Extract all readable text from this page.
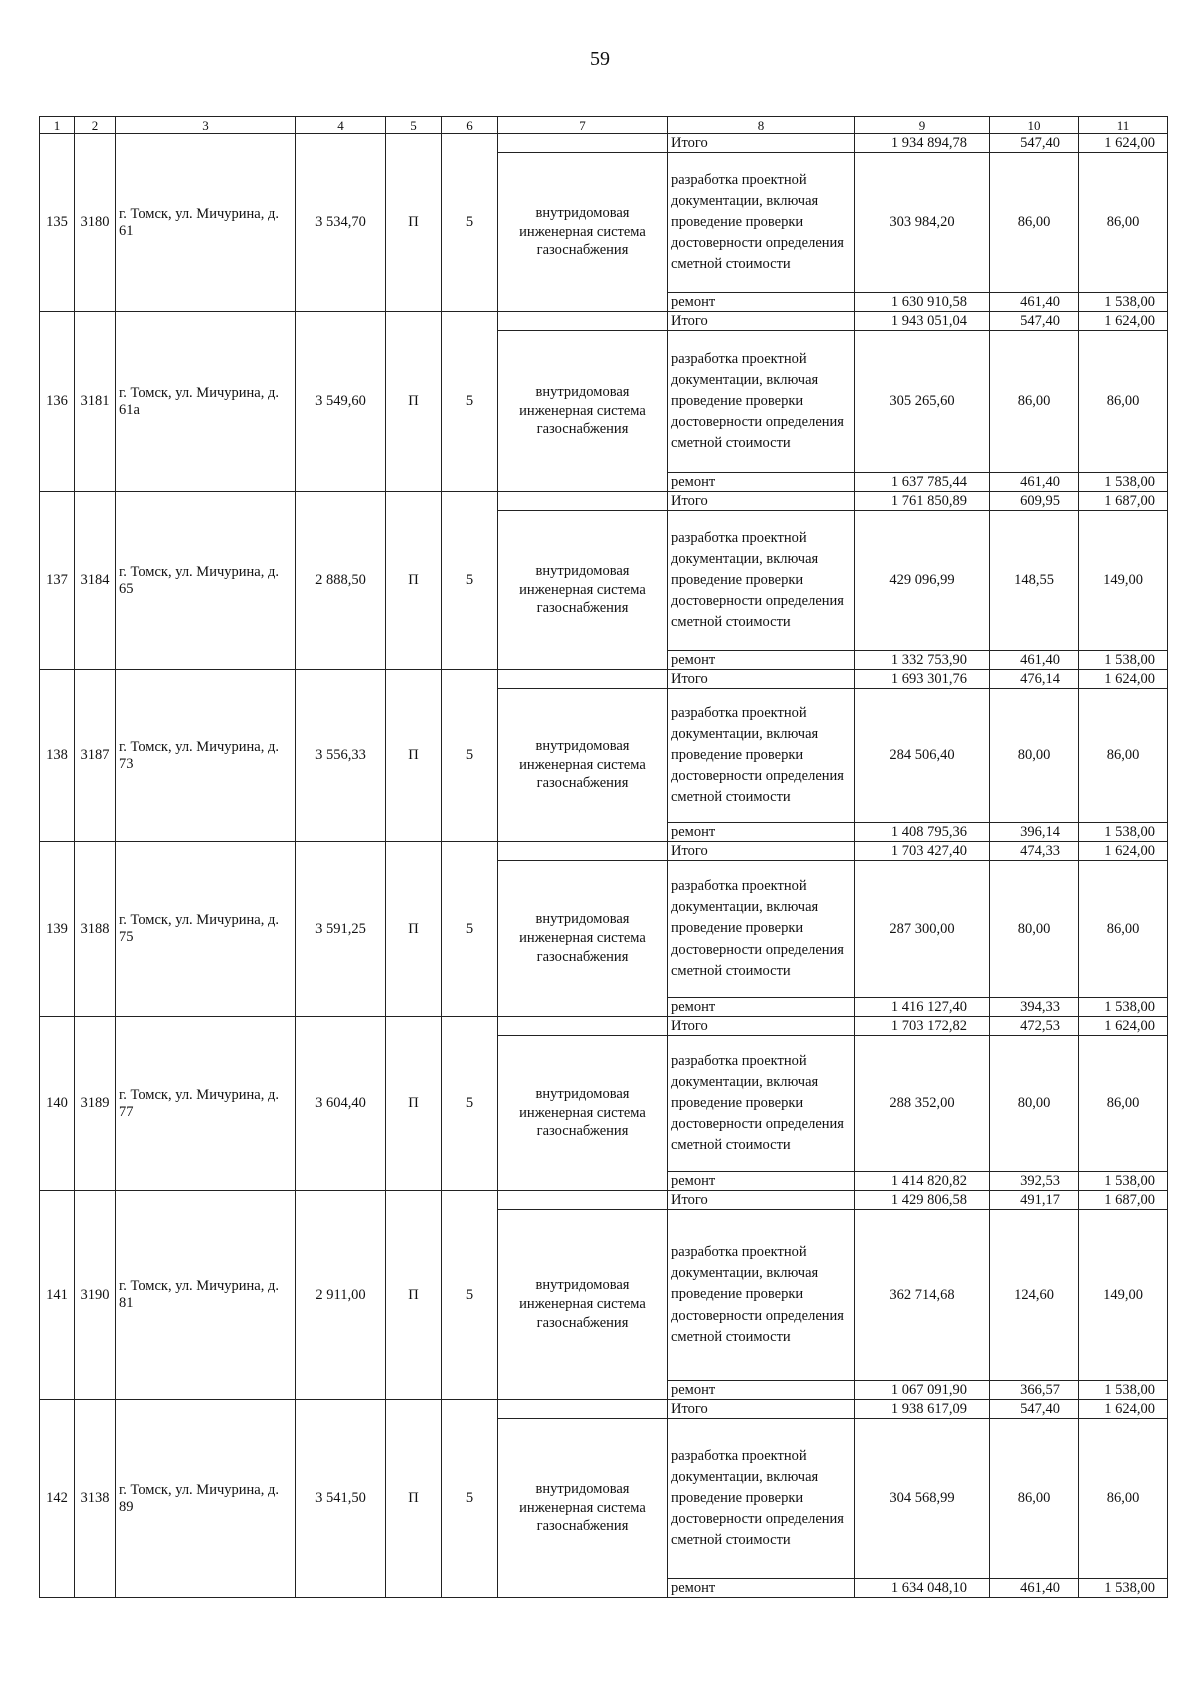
59
1	2	3	4	5	6	7	8	9	10	11
135	3180	г. Томск, ул. Мичурина, д. 61	3 534,70	П	5		Итого	1 934 894,78	547,40	1 624,00
						внутридомовая инженерная система газоснабжения	разработка проектной документации, включая проведение проверки достоверности определения сметной стоимости	303 984,20	86,00	86,00
							ремонт	1 630 910,58	461,40	1 538,00
136	3181	г. Томск, ул. Мичурина, д. 61а	3 549,60	П	5		Итого	1 943 051,04	547,40	1 624,00
						внутридомовая инженерная система газоснабжения	разработка проектной документации, включая проведение проверки достоверности определения сметной стоимости	305 265,60	86,00	86,00
							ремонт	1 637 785,44	461,40	1 538,00
137	3184	г. Томск, ул. Мичурина, д. 65	2 888,50	П	5		Итого	1 761 850,89	609,95	1 687,00
						внутридомовая инженерная система газоснабжения	разработка проектной документации, включая проведение проверки достоверности определения сметной стоимости	429 096,99	148,55	149,00
							ремонт	1 332 753,90	461,40	1 538,00
138	3187	г. Томск, ул. Мичурина, д. 73	3 556,33	П	5		Итого	1 693 301,76	476,14	1 624,00
						внутридомовая инженерная система газоснабжения	разработка проектной документации, включая проведение проверки достоверности определения сметной стоимости	284 506,40	80,00	86,00
							ремонт	1 408 795,36	396,14	1 538,00
139	3188	г. Томск, ул. Мичурина, д. 75	3 591,25	П	5		Итого	1 703 427,40	474,33	1 624,00
						внутридомовая инженерная система газоснабжения	разработка проектной документации, включая проведение проверки достоверности определения сметной стоимости	287 300,00	80,00	86,00
							ремонт	1 416 127,40	394,33	1 538,00
140	3189	г. Томск, ул. Мичурина, д. 77	3 604,40	П	5		Итого	1 703 172,82	472,53	1 624,00
						внутридомовая инженерная система газоснабжения	разработка проектной документации, включая проведение проверки достоверности определения сметной стоимости	288 352,00	80,00	86,00
							ремонт	1 414 820,82	392,53	1 538,00
141	3190	г. Томск, ул. Мичурина, д. 81	2 911,00	П	5		Итого	1 429 806,58	491,17	1 687,00
						внутридомовая инженерная система газоснабжения	разработка проектной документации, включая проведение проверки достоверности определения сметной стоимости	362 714,68	124,60	149,00
							ремонт	1 067 091,90	366,57	1 538,00
142	3138	г. Томск, ул. Мичурина, д. 89	3 541,50	П	5		Итого	1 938 617,09	547,40	1 624,00
						внутридомовая инженерная система газоснабжения	разработка проектной документации, включая проведение проверки достоверности определения сметной стоимости	304 568,99	86,00	86,00
							ремонт	1 634 048,10	461,40	1 538,00
